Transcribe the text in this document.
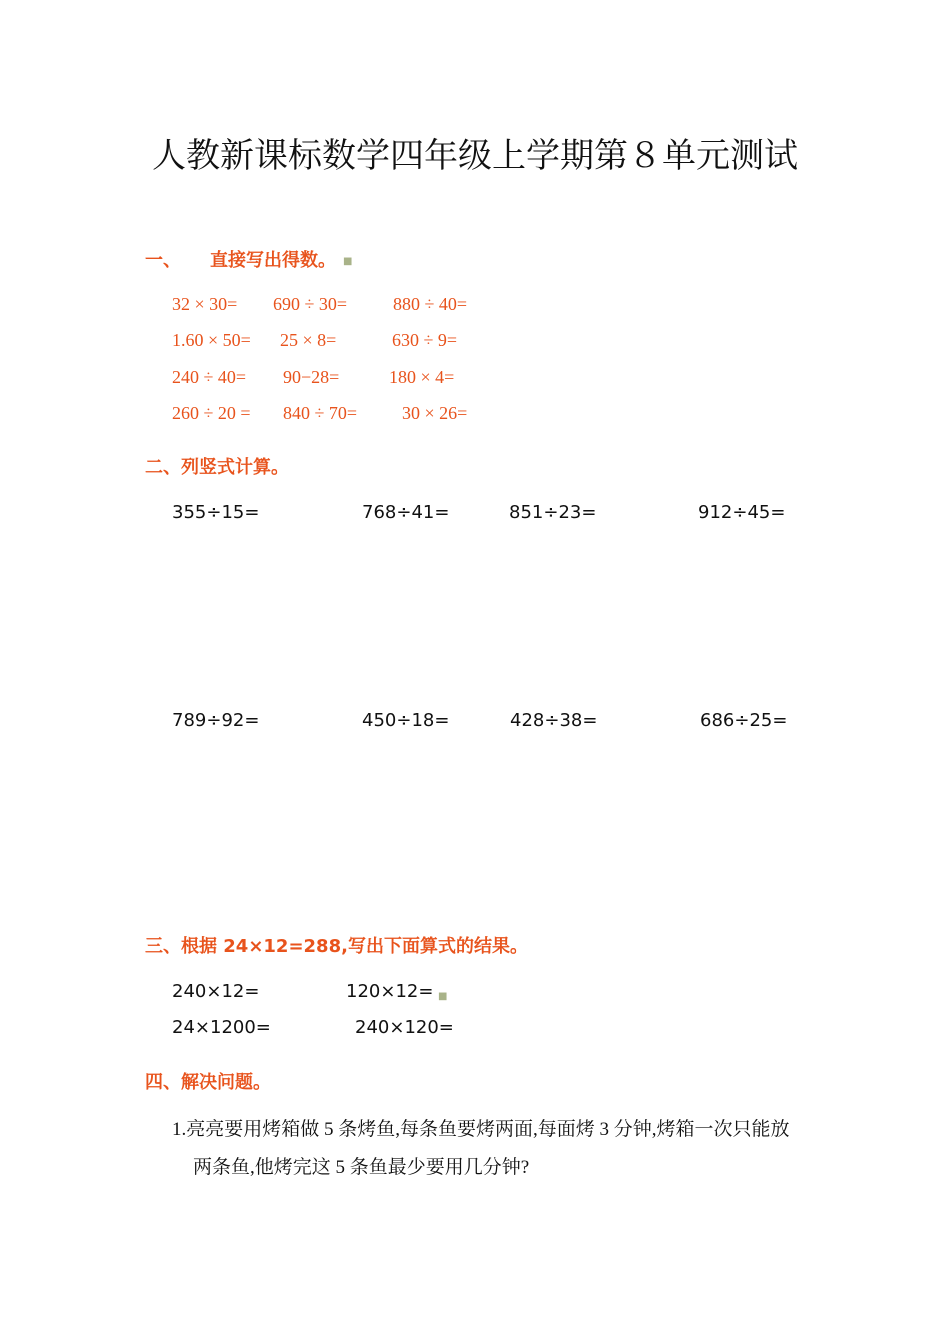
人教新课标数学四年级上学期第８单元测试
一、 直接写出得数。 ■
32 × 30= 690 ÷ 30=	880 ÷ 40=
1.60 × 50= 25 × 8=	630 ÷ 9=
240 ÷ 40= 90−28=	180 × 4=
260 ÷ 20 = 840 ÷ 70= 30 × 26=
二、列竖式计算。
355÷15=	768÷41=	851÷23=	912÷45=
789÷92=	450÷18=	428÷38=	686÷25=
三、根据 24×12=288,写出下面算式的结果。
240×12=	120×12= ■
24×1200=	240×120=
四、解决问题。
1.亮亮要用烤箱做 5 条烤鱼,每条鱼要烤两面,每面烤 3 分钟,烤箱一次只能放
两条鱼,他烤完这 5 条鱼最少要用几分钟?
